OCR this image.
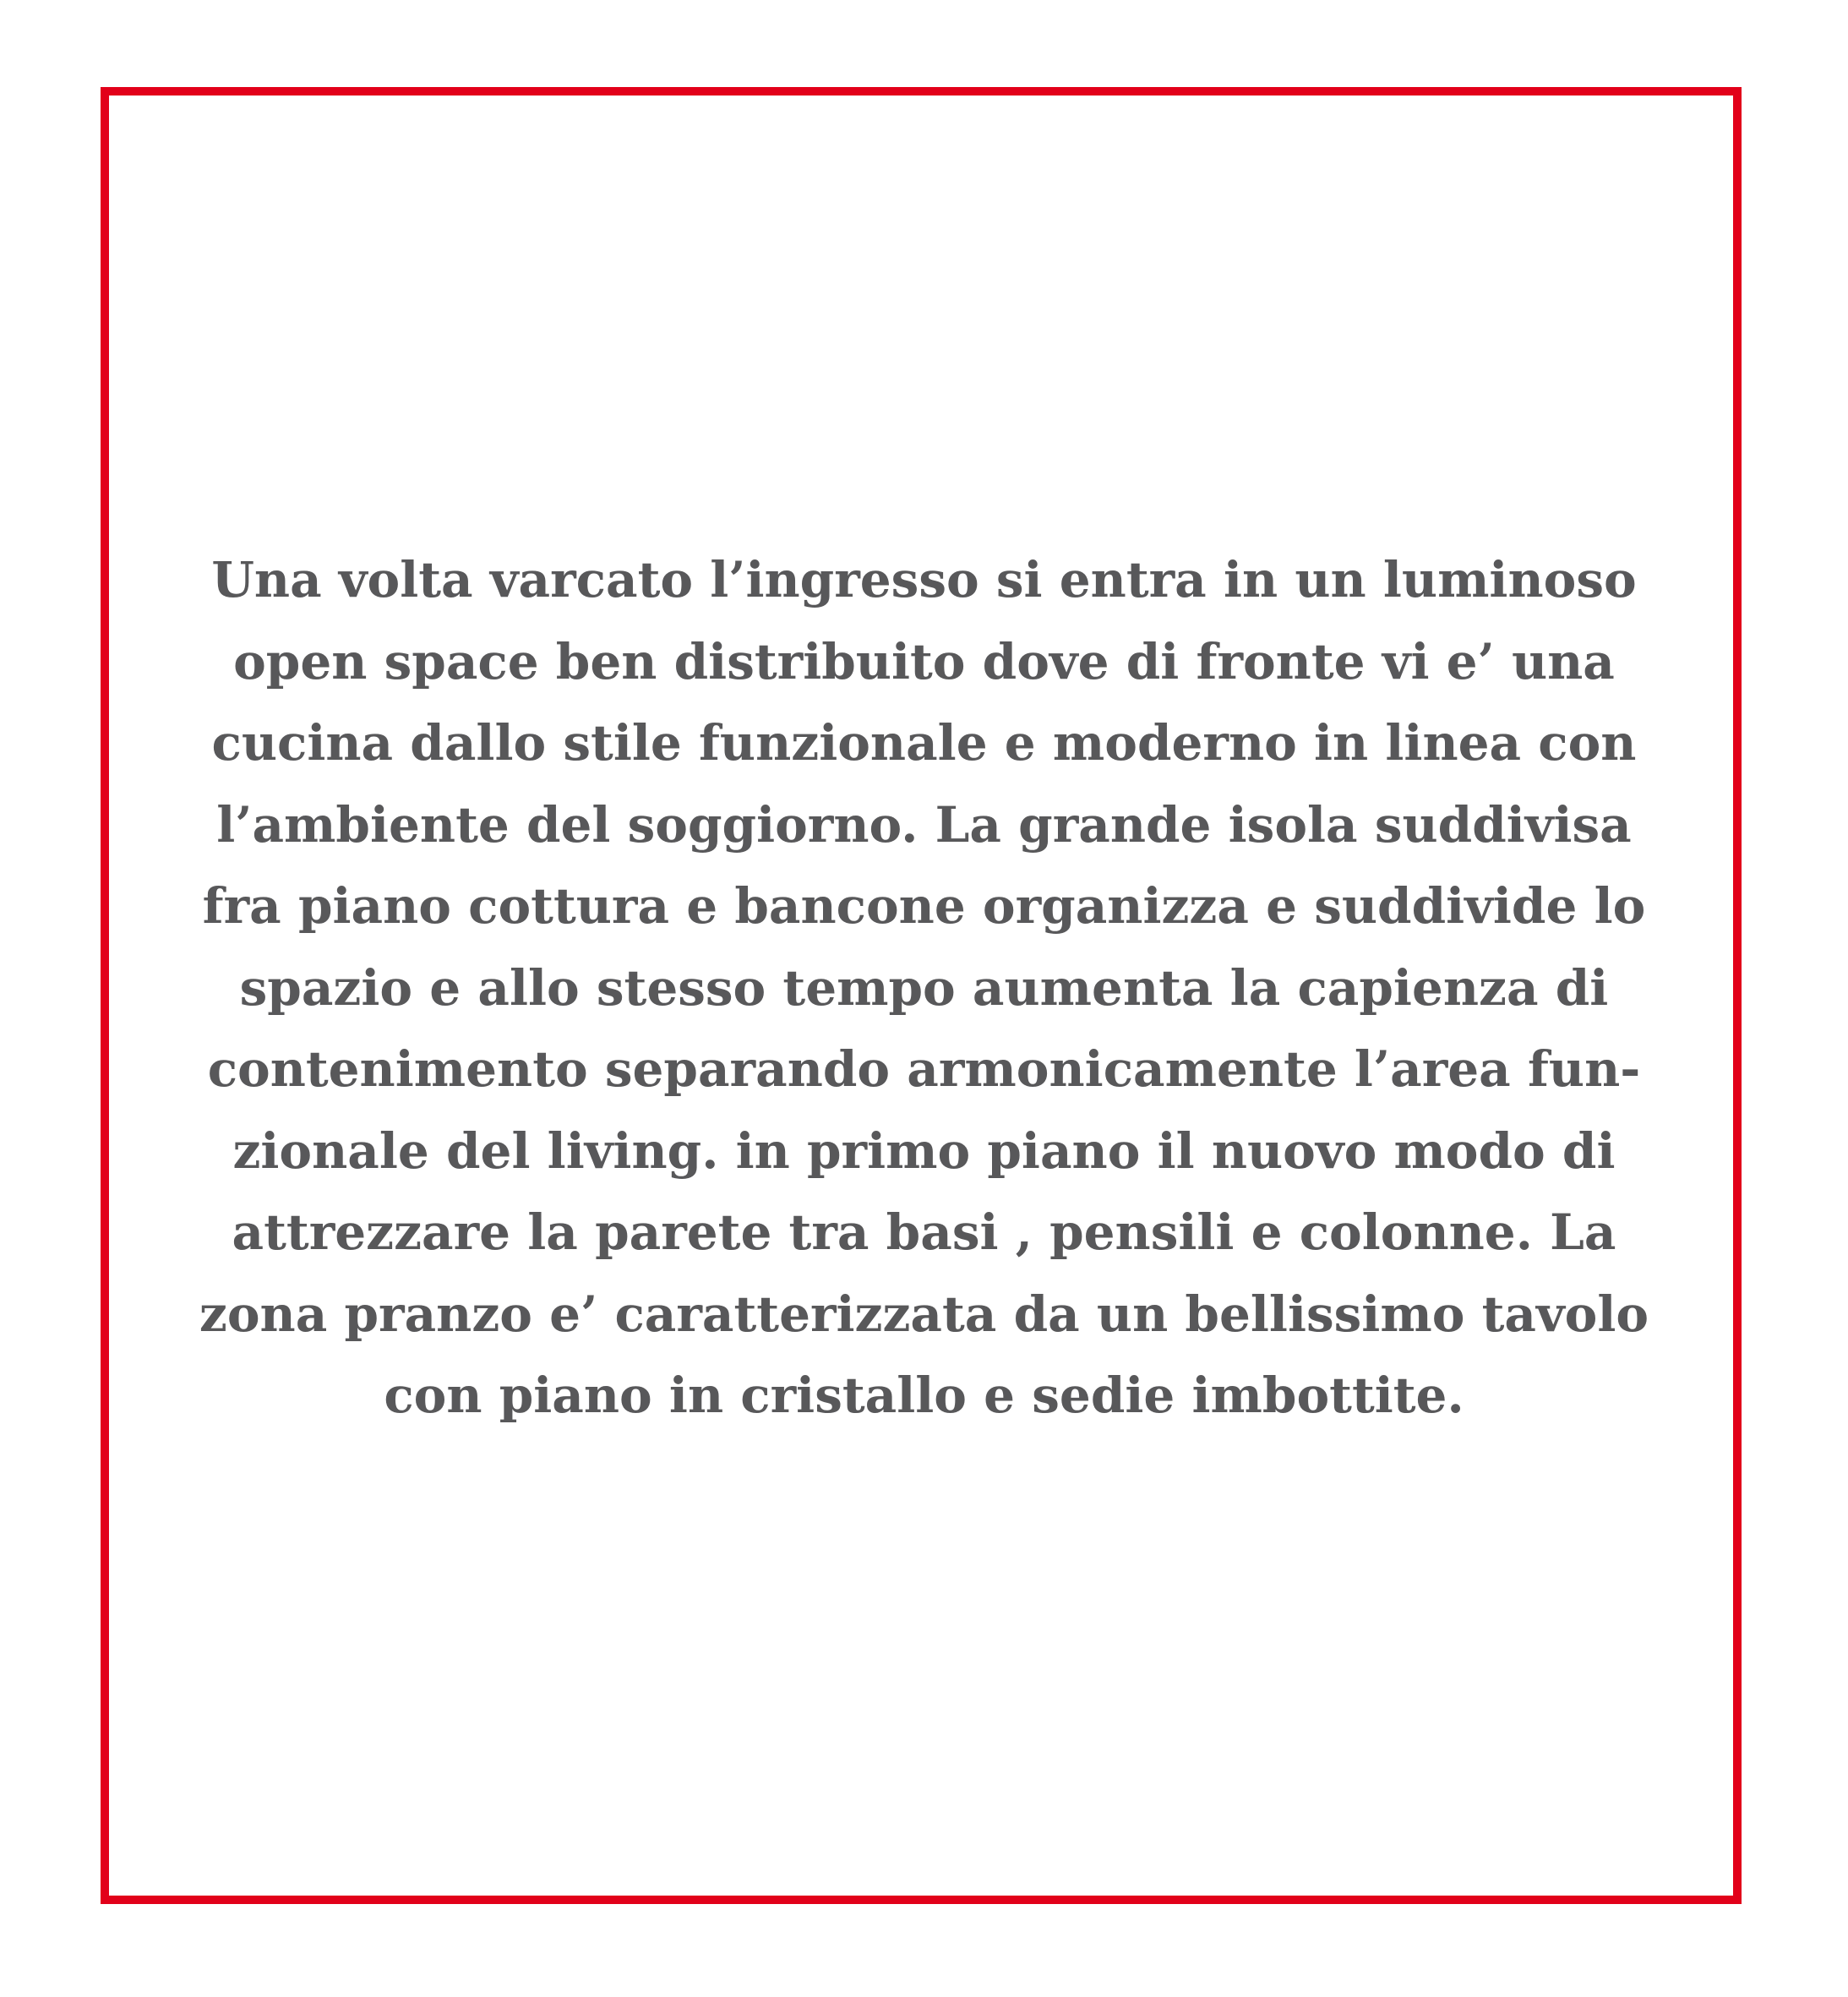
Una volta varcato l’ingresso si entra in un luminoso
open space ben distribuito dove di fronte vi e’ una
cucina dallo stile funzionale e moderno in linea con
l’ambiente del soggiorno. La grande isola suddivisa
fra piano cottura e bancone organizza e suddivide lo
spazio e allo stesso tempo aumenta la capienza di
contenimento separando armonicamente l’area fun-
zionale del living. in primo piano il nuovo modo di
attrezzare la parete tra basi , pensili e colonne. La
zona pranzo e’ caratterizzata da un bellissimo tavolo
con piano in cristallo e sedie imbottite.
